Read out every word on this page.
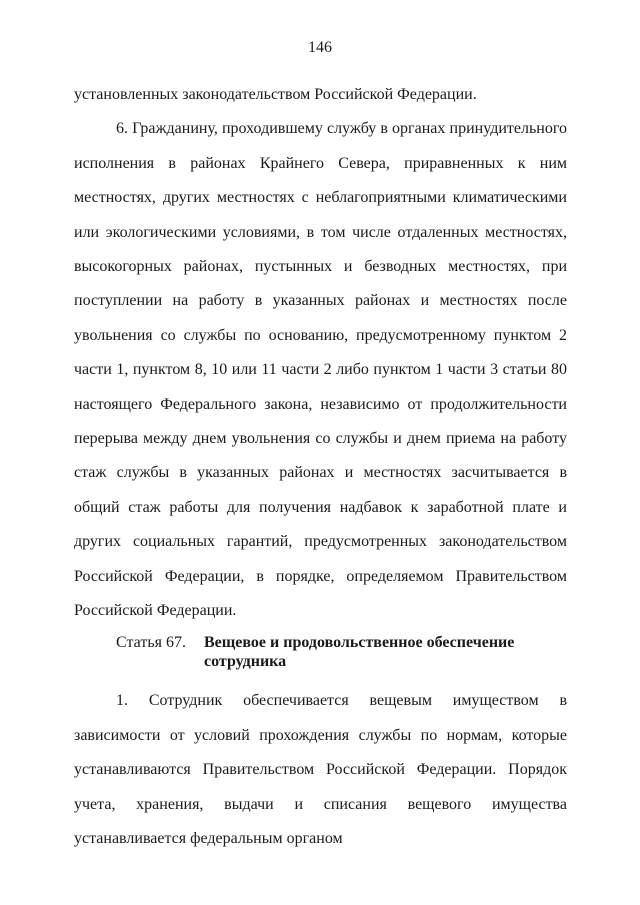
146

установленных законодательством Российской Федерации.

6. Гражданину, проходившему службу в органах принудительного исполнения в районах Крайнего Севера, приравненных к ним местностях, других местностях с неблагоприятными климатическими или экологическими условиями, в том числе отдаленных местностях, высокогорных районах, пустынных и безводных местностях, при поступлении на работу в указанных районах и местностях после увольнения со службы по основанию, предусмотренному пунктом 2 части 1, пунктом 8, 10 или 11 части 2 либо пунктом 1 части 3 статьи 80 настоящего Федерального закона, независимо от продолжительности перерыва между днем увольнения со службы и днем приема на работу стаж службы в указанных районах и местностях засчитывается в общий стаж работы для получения надбавок к заработной плате и других социальных гарантий, предусмотренных законодательством Российской Федерации, в порядке, определяемом Правительством Российской Федерации.

Статья 67.	Вещевое и продовольственное обеспечение сотрудника

1. Сотрудник обеспечивается вещевым имуществом в зависимости от условий прохождения службы по нормам, которые устанавливаются Правительством Российской Федерации. Порядок учета, хранения, выдачи и списания вещевого имущества устанавливается федеральным органом
